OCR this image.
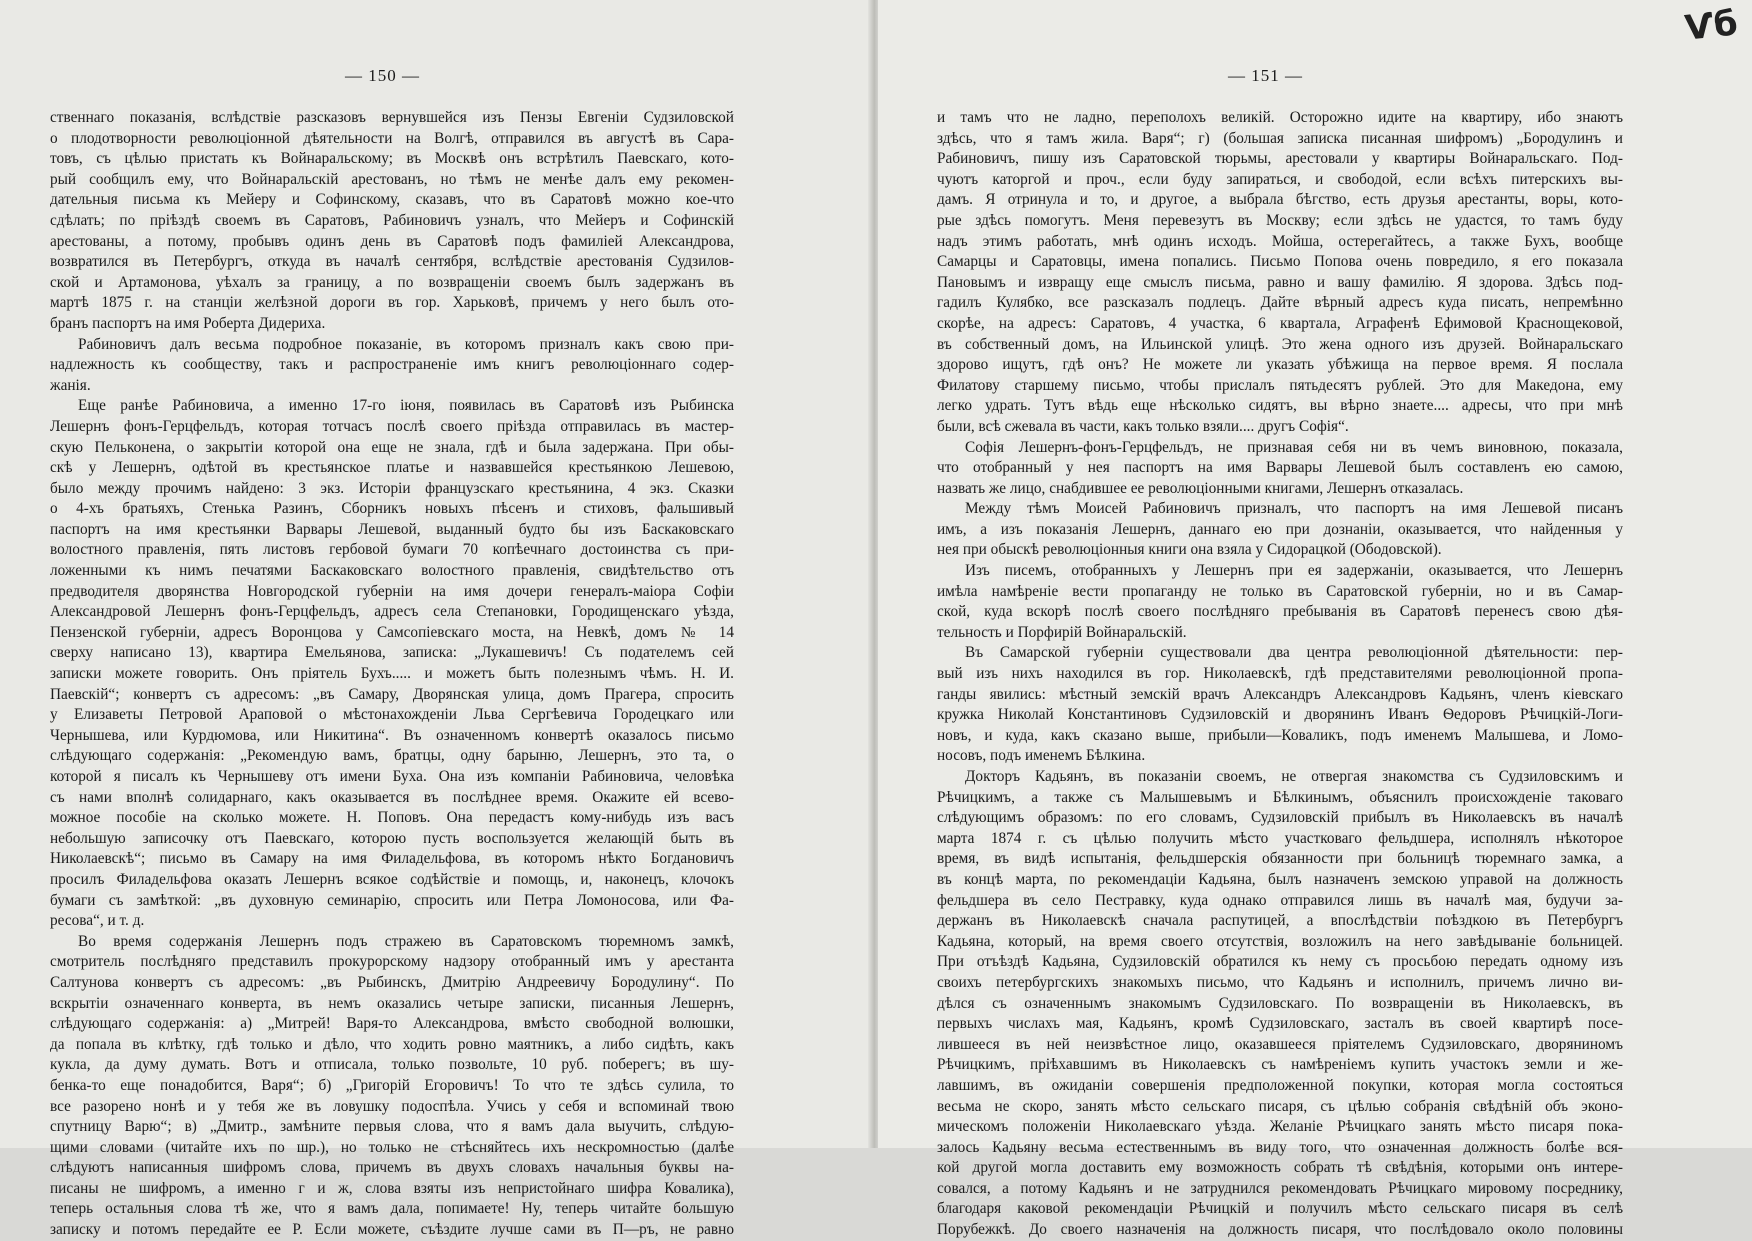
— 150 —
ственнаго показанія, вслѣдствіе разсказовъ вернувшейся изъ Пензы Евгеніи Судзиловской
о плодотворности революціонной дѣятельности на Волгѣ, отправился въ августѣ въ Сара-
товъ, съ цѣлью пристать къ Войнаральскому; въ Москвѣ онъ встрѣтилъ Паевскаго, кото-
рый сообщилъ ему, что Войнаральскій арестованъ, но тѣмъ не менѣе далъ ему рекомен-
дательныя письма къ Мейеру и Софинскому, сказавъ, что въ Саратовѣ можно кое-что
сдѣлать; по пріѣздѣ своемъ въ Саратовъ, Рабиновичъ узналъ, что Мейеръ и Софинскій
арестованы, а потому, пробывъ одинъ день въ Саратовѣ подъ фамиліей Александрова,
возвратился въ Петербургъ, откуда въ началѣ сентября, вслѣдствіе арестованія Судзилов-
ской и Артамонова, уѣхалъ за границу, а по возвращеніи своемъ былъ задержанъ въ
мартѣ 1875 г. на станціи желѣзной дороги въ гор. Харьковѣ, причемъ у него былъ ото-
бранъ паспортъ на имя Роберта Дидериха.
Рабиновичъ далъ весьма подробное показаніе, въ которомъ призналъ какъ свою при-
надлежность къ сообществу, такъ и распространеніе имъ книгъ революціоннаго содер-
жанія.
Еще ранѣе Рабиновича, а именно 17-го іюня, появилась въ Саратовѣ изъ Рыбинска
Лешернъ фонъ-Герцфельдъ, которая тотчасъ послѣ своего пріѣзда отправилась въ мастер-
скую Пельконена, о закрытіи которой она еще не знала, гдѣ и была задержана. При обы-
скѣ у Лешернъ, одѣтой въ крестьянское платье и назвавшейся крестьянкою Лешевою,
было между прочимъ найдено: 3 экз. Исторіи французскаго крестьянина, 4 экз. Сказки
о 4-хъ братьяхъ, Стенька Разинъ, Сборникъ новыхъ пѣсенъ и стиховъ, фальшивый
паспортъ на имя крестьянки Варвары Лешевой, выданный будто бы изъ Баскаковскаго
волостного правленія, пять листовъ гербовой бумаги 70 копѣечнаго достоинства съ при-
ложенными къ нимъ печатями Баскаковскаго волостного правленія, свидѣтельство отъ
предводителя дворянства Новгородской губерніи на имя дочери генералъ-маіора Софіи
Александровой Лешернъ фонъ-Герцфельдъ, адресъ села Степановки, Городищенскаго уѣзда,
Пензенской губерніи, адресъ Воронцова у Самсопіевскаго моста, на Невкѣ, домъ № 14
сверху написано 13), квартира Емельянова, записка: „Лукашевичъ! Съ подателемъ сей
записки можете говорить. Онъ пріятель Бухъ..... и можетъ быть полезнымъ чѣмъ. Н. И.
Паевскій“; конвертъ съ адресомъ: „въ Самару, Дворянская улица, домъ Прагера, спросить
у Елизаветы Петровой Араповой о мѣстонахожденіи Льва Сергѣевича Городецкаго или
Чернышева, или Курдюмова, или Никитина“. Въ означенномъ конвертѣ оказалось письмо
слѣдующаго содержанія: „Рекомендую вамъ, братцы, одну барыню, Лешернъ, это та, о
которой я писалъ къ Чернышеву отъ имени Буха. Она изъ компаніи Рабиновича, человѣка
съ нами вполнѣ солидарнаго, какъ оказывается въ послѣднее время. Окажите ей всево-
можное пособіе на сколько можете. Н. Поповъ. Она передастъ кому-нибудь изъ васъ
небольшую записочку отъ Паевскаго, которою пусть воспользуется желающій быть въ
Николаевскѣ“; письмо въ Самару на имя Филадельфова, въ которомъ нѣкто Богдановичъ
просилъ Филадельфова оказать Лешернъ всякое содѣйствіе и помощь, и, наконецъ, клочокъ
бумаги съ замѣткой: „въ духовную семинарію, спросить или Петра Ломоносова, или Фа-
ресова“, и т. д.
Во время содержанія Лешернъ подъ стражею въ Саратовскомъ тюремномъ замкѣ,
смотритель послѣдняго представилъ прокурорскому надзору отобранный имъ у арестанта
Салтунова конвертъ съ адресомъ: „въ Рыбинскъ, Дмитрію Андреевичу Бородулину“. По
вскрытіи означеннаго конверта, въ немъ оказались четыре записки, писанныя Лешернъ,
слѣдующаго содержанія: а) „Митрей! Варя-то Александрова, вмѣсто свободной волюшки,
да попала въ клѣтку, гдѣ только и дѣло, что ходить ровно маятникъ, а либо сидѣть, какъ
кукла, да думу думать. Вотъ и отписала, только позвольте, 10 руб. поберегъ; въ шу-
бенка-то еще понадобится, Варя“; б) „Григорій Егоровичъ! То что те здѣсь сулила, то
все разорено нонѣ и у тебя же въ ловушку подоспѣла. Учись у себя и вспоминай твою
спутницу Варю“; в) „Дмитр., замѣните первыя слова, что я вамъ дала выучить, слѣдую-
щими словами (читайте ихъ по шр.), но только не стѣсняйтесь ихъ нескромностью (далѣе
слѣдуютъ написанныя шифромъ слова, причемъ въ двухъ словахъ начальныя буквы на-
писаны не шифромъ, а именно г и ж, слова взяты изъ непристойнаго шифра Ковалика),
теперь остальныя слова тѣ же, что я вамъ дала, попимаете! Ну, теперь читайте большую
записку и потомъ передайте ее Р. Если можете, съѣздите лучше сами въ П—ръ, не равно
— 151 —
Ѵб
и тамъ что не ладно, переполохъ великій. Осторожно идите на квартиру, ибо знаютъ
здѣсь, что я тамъ жила. Варя“; г) (большая записка писанная шифромъ) „Бородулинъ и
Рабиновичъ, пишу изъ Саратовской тюрьмы, арестовали у квартиры Войнаральскаго. Под-
чуютъ каторгой и проч., если буду запираться, и свободой, если всѣхъ питерскихъ вы-
дамъ. Я отринула и то, и другое, а выбрала бѣгство, есть друзья арестанты, воры, кото-
рые здѣсь помогутъ. Меня перевезутъ въ Москву; если здѣсь не удастся, то тамъ буду
надъ этимъ работать, мнѣ одинъ исходъ. Мойша, остерегайтесь, а также Бухъ, вообще
Самарцы и Саратовцы, имена попались. Письмо Попова очень повредило, я его показала
Пановымъ и извращу еще смыслъ письма, равно и вашу фамилію. Я здорова. Здѣсь под-
гадилъ Кулябко, все разсказалъ подлецъ. Дайте вѣрный адресъ куда писать, непремѣнно
скорѣе, на адресъ: Саратовъ, 4 участка, 6 квартала, Аграфенѣ Ефимовой Краснощековой,
въ собственный домъ, на Ильинской улицѣ. Это жена одного изъ друзей. Войнаральскаго
здорово ищутъ, гдѣ онъ? Не можете ли указать убѣжища на первое время. Я послала
Филатову старшему письмо, чтобы прислалъ пятьдесятъ рублей. Это для Македона, ему
легко удрать. Тутъ вѣдь еще нѣсколько сидятъ, вы вѣрно знаете.... адресы, что при мнѣ
были, всѣ сжевала въ части, какъ только взяли.... другъ Софія“.
Софія Лешернъ-фонъ-Герцфельдъ, не признавая себя ни въ чемъ виновною, показала,
что отобранный у нея паспортъ на имя Варвары Лешевой былъ составленъ ею самою,
назвать же лицо, снабдившее ее революціонными книгами, Лешернъ отказалась.
Между тѣмъ Моисей Рабиновичъ призналъ, что паспортъ на имя Лешевой писанъ
имъ, а изъ показанія Лешернъ, даннаго ею при дознаніи, оказывается, что найденныя у
нея при обыскѣ революціонныя книги она взяла у Сидорацкой (Ободовской).
Изъ писемъ, отобранныхъ у Лешернъ при ея задержаніи, оказывается, что Лешернъ
имѣла намѣреніе вести пропаганду не только въ Саратовской губерніи, но и въ Самар-
ской, куда вскорѣ послѣ своего послѣдняго пребыванія въ Саратовѣ перенесъ свою дѣя-
тельность и Порфирій Войнаральскій.
Въ Самарской губерніи существовали два центра революціонной дѣятельности: пер-
вый изъ нихъ находился въ гор. Николаевскѣ, гдѣ представителями революціонной пропа-
ганды явились: мѣстный земскій врачъ Александръ Александровъ Кадьянъ, членъ кіевскаго
кружка Николай Константиновъ Судзиловскій и дворянинъ Иванъ Ѳедоровъ Рѣчицкій-Логи-
новъ, и куда, какъ сказано выше, прибыли—Коваликъ, подъ именемъ Малышева, и Ломо-
носовъ, подъ именемъ Бѣлкина.
Докторъ Кадьянъ, въ показаніи своемъ, не отвергая знакомства съ Судзиловскимъ и
Рѣчицкимъ, а также съ Малышевымъ и Бѣлкинымъ, объяснилъ происхожденіе таковаго
слѣдующимъ образомъ: по его словамъ, Судзиловскій прибылъ въ Николаевскъ въ началѣ
марта 1874 г. съ цѣлью получить мѣсто участковаго фельдшера, исполнялъ нѣкоторое
время, въ видѣ испытанія, фельдшерскія обязанности при больницѣ тюремнаго замка, а
въ концѣ марта, по рекомендаціи Кадьяна, былъ назначенъ земскою управой на должность
фельдшера въ село Пестравку, куда однако отправился лишь въ началѣ мая, будучи за-
держанъ въ Николаевскѣ сначала распутицей, а впослѣдствіи поѣздкою въ Петербургъ
Кадьяна, который, на время своего отсутствія, возложилъ на него завѣдываніе больницей.
При отъѣздѣ Кадьяна, Судзиловскій обратился къ нему съ просьбою передать одному изъ
своихъ петербургскихъ знакомыхъ письмо, что Кадьянъ и исполнилъ, причемъ лично ви-
дѣлся съ означеннымъ знакомымъ Судзиловскаго. По возвращеніи въ Николаевскъ, въ
первыхъ числахъ мая, Кадьянъ, кромѣ Судзиловскаго, засталъ въ своей квартирѣ посе-
лившееся въ ней неизвѣстное лицо, оказавшееся пріятелемъ Судзиловскаго, дворяниномъ
Рѣчицкимъ, пріѣхавшимъ въ Николаевскъ съ намѣреніемъ купить участокъ земли и же-
лавшимъ, въ ожиданіи совершенія предположенной покупки, которая могла состояться
весьма не скоро, занять мѣсто сельскаго писаря, съ цѣлью собранія свѣдѣній объ эконо-
мическомъ положеніи Николаевскаго уѣзда. Желаніе Рѣчицкаго занять мѣсто писаря пока-
залось Кадьяну весьма естественнымъ въ виду того, что означенная должность болѣе вся-
кой другой могла доставить ему возможность собрать тѣ свѣдѣнія, которыми онъ интере-
совался, а потому Кадьянъ и не затруднился рекомендовать Рѣчицкаго мировому посреднику,
благодаря каковой рекомендаціи Рѣчицкій и получилъ мѣсто сельскаго писаря въ селѣ
Порубежкѣ. До своего назначенія на должность писаря, что послѣдовало около половины
